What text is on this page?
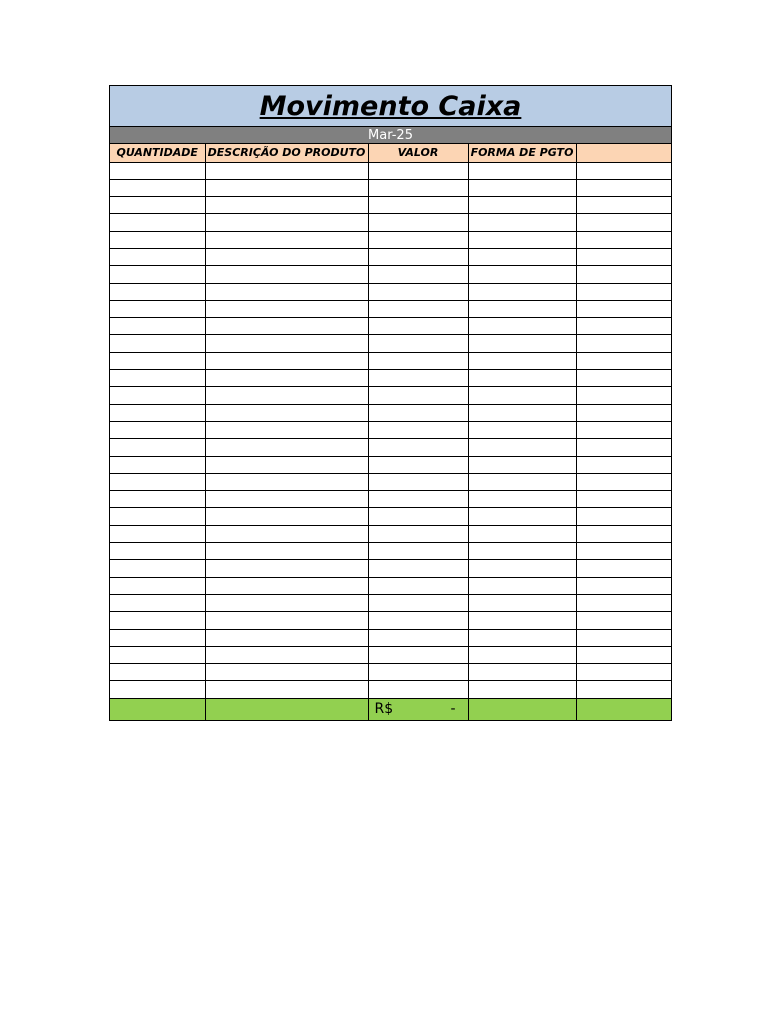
Movimento Caixa
Mar-25
QUANTIDADE	DESCRIÇÃO DO PRODUTO	VALOR	FORMA DE PGTO	

		R$ -		
